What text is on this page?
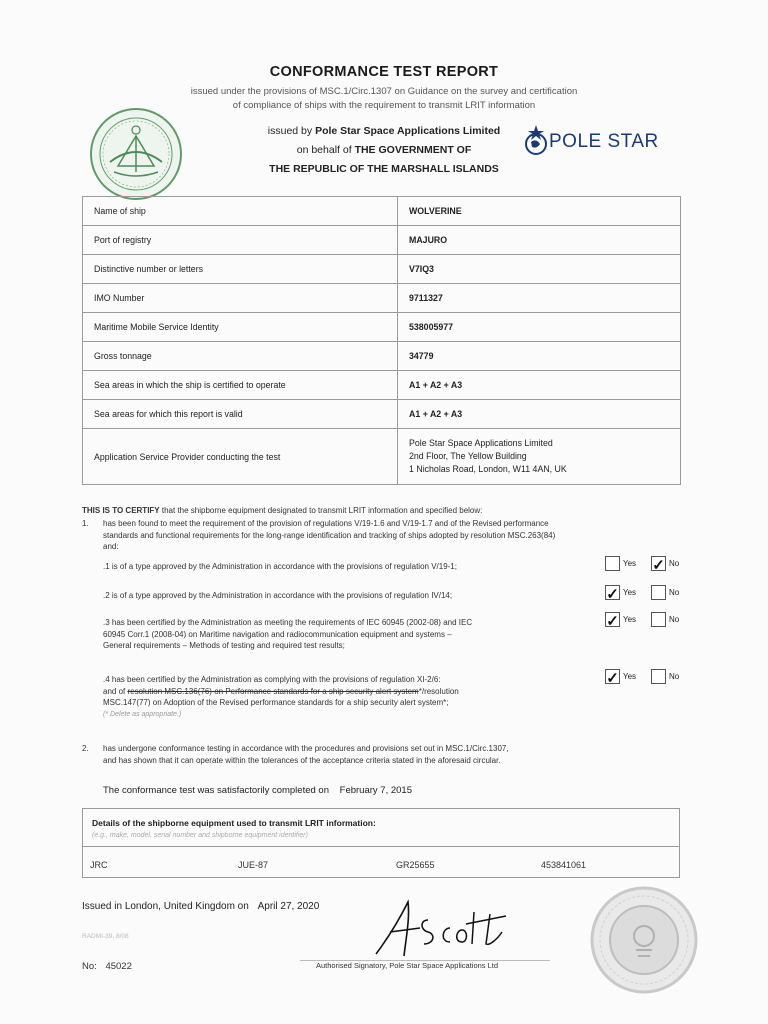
CONFORMANCE TEST REPORT
issued under the provisions of MSC.1/Circ.1307 on Guidance on the survey and certification
of compliance of ships with the requirement to transmit LRIT information
issued by Pole Star Space Applications Limited
on behalf of THE GOVERNMENT OF
THE REPUBLIC OF THE MARSHALL ISLANDS
POLE STAR
Name of ship	WOLVERINE
Port of registry	MAJURO
Distinctive number or letters	V7IQ3
IMO Number	9711327
Maritime Mobile Service Identity	538005977
Gross tonnage	34779
Sea areas in which the ship is certified to operate	A1 + A2 + A3
Sea areas for which this report is valid	A1 + A2 + A3
Application Service Provider conducting the test	Pole Star Space Applications Limited
2nd Floor, The Yellow Building
1 Nicholas Road, London, W11 4AN, UK
THIS IS TO CERTIFY that the shipborne equipment designated to transmit LRIT information and specified below:
1. has been found to meet the requirement of the provision of regulations V/19-1.6 and V/19-1.7 and of the Revised performance
standards and functional requirements for the long-range identification and tracking of ships adopted by resolution MSC.263(84)
and:
.1 is of a type approved by the Administration in accordance with the provisions of regulation V/19-1;
.2 is of a type approved by the Administration in accordance with the provisions of regulation IV/14;
.3 has been certified by the Administration as meeting the requirements of IEC 60945 (2002-08) and IEC
60945 Corr.1 (2008-04) on Maritime navigation and radiocommunication equipment and systems –
General requirements – Methods of testing and required test results;
.4 has been certified by the Administration as complying with the provisions of regulation XI-2/6:
and of resolution MSC.136(76) on Performance standards for a ship security alert system*/resolution
MSC.147(77) on Adoption of the Revised performance standards for a ship security alert system*;
(* Delete as appropriate.)
Yes ✓ No
✓ Yes	No
✓ Yes	No
✓ Yes	No
2. has undergone conformance testing in accordance with the procedures and provisions set out in MSC.1/Circ.1307,
and has shown that it can operate within the tolerances of the acceptance criteria stated in the aforesaid circular.
The conformance test was satisfactorily completed on February 7, 2015
Details of the shipborne equipment used to transmit LRIT information:
(e.g., make, model, serial number and shipborne equipment identifier)
JRC	JUE-87	GR25655	453841061
Issued in London, United Kingdom on April 27, 2020
RADMI-39, 8/08
No: 45022	Authorised Signatory, Pole Star Space Applications Ltd
